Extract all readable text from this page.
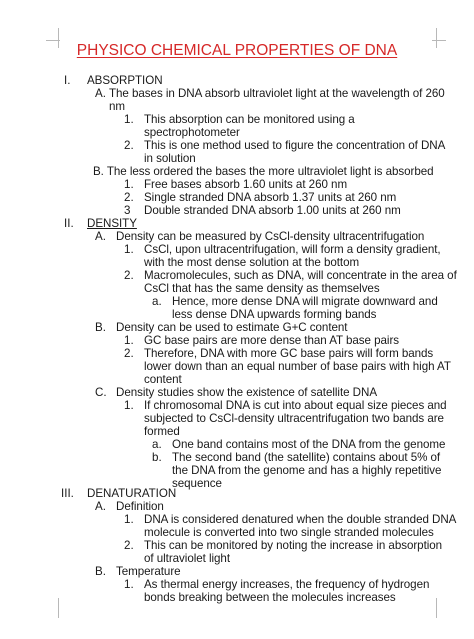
PHYSICO CHEMICAL PROPERTIES OF DNA
I. ABSORPTION
A. The bases in DNA absorb ultraviolet light at the wavelength of 260
nm
1. This absorption can be monitored using a
spectrophotometer
2. This is one method used to figure the concentration of DNA
in solution
B. The less ordered the bases the more ultraviolet light is absorbed
1. Free bases absorb 1.60 units at 260 nm
2. Single stranded DNA absorb 1.37 units at 260 nm
3 Double stranded DNA absorb 1.00 units at 260 nm
II. DENSITY
A. Density can be measured by CsCl-density ultracentrifugation
1. CsCl, upon ultracentrifugation, will form a density gradient,
with the most dense solution at the bottom
2. Macromolecules, such as DNA, will concentrate in the area of
CsCl that has the same density as themselves
a. Hence, more dense DNA will migrate downward and
less dense DNA upwards forming bands
B. Density can be used to estimate G+C content
1. GC base pairs are more dense than AT base pairs
2. Therefore, DNA with more GC base pairs will form bands
lower down than an equal number of base pairs with high AT
content
C. Density studies show the existence of satellite DNA
1. If chromosomal DNA is cut into about equal size pieces and
subjected to CsCl-density ultracentrifugation two bands are
formed
a. One band contains most of the DNA from the genome
b. The second band (the satellite) contains about 5% of
the DNA from the genome and has a highly repetitive
sequence
III. DENATURATION
A. Definition
1. DNA is considered denatured when the double stranded DNA
molecule is converted into two single stranded molecules
2. This can be monitored by noting the increase in absorption
of ultraviolet light
B. Temperature
1. As thermal energy increases, the frequency of hydrogen
bonds breaking between the molecules increases
